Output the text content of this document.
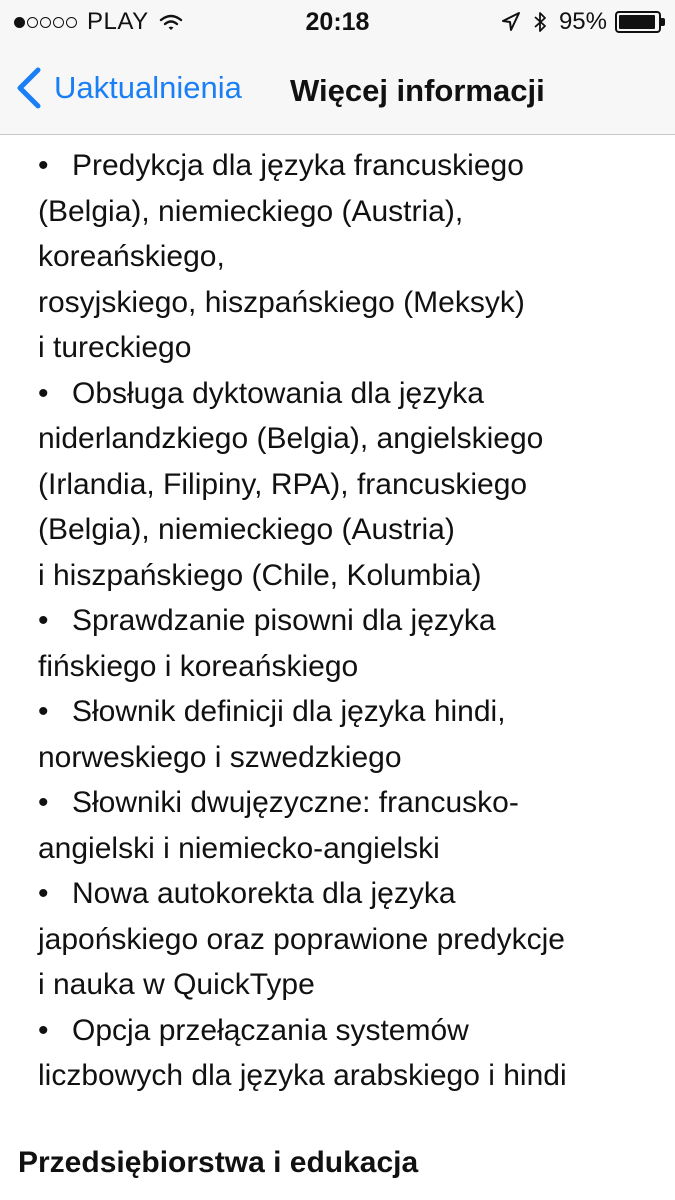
PLAY	20:18	95%
Uaktualnienia Więcej informacji
• Predykcja dla języka francuskiego
(Belgia), niemieckiego (Austria),
koreańskiego,
rosyjskiego, hiszpańskiego (Meksyk)
i tureckiego
• Obsługa dyktowania dla języka
niderlandzkiego (Belgia), angielskiego
(Irlandia, Filipiny, RPA), francuskiego
(Belgia), niemieckiego (Austria)
i hiszpańskiego (Chile, Kolumbia)
• Sprawdzanie pisowni dla języka
fińskiego i koreańskiego
• Słownik definicji dla języka hindi,
norweskiego i szwedzkiego
• Słowniki dwujęzyczne: francusko-
angielski i niemiecko-angielski
• Nowa autokorekta dla języka
japońskiego oraz poprawione predykcje
i nauka w QuickType
• Opcja przełączania systemów
liczbowych dla języka arabskiego i hindi
Przedsiębiorstwa i edukacja
